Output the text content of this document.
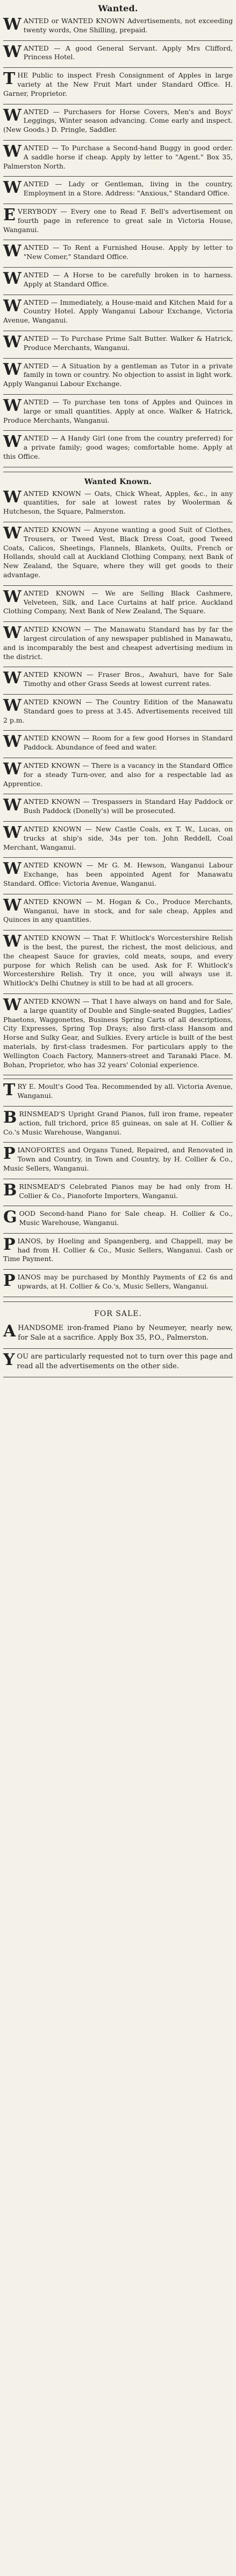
Wanted.
WANTED or WANTED KNOWN Advertisements, not exceeding twenty words, One Shilling, prepaid.
WANTED — A good General Servant. Apply Mrs Clifford, Princess Hotel.
THE Public to inspect Fresh Consignment of Apples in large variety at the New Fruit Mart under Standard Office. H. Garner, Proprietor.
WANTED — Purchasers for Horse Covers, Men's and Boys' Leggings, Winter season advancing. Come early and inspect. (New Goods.) D. Pringle, Saddler.
WANTED — To Purchase a Second-hand Buggy in good order. A saddle horse if cheap. Apply by letter to "Agent." Box 35, Palmerston North.
WANTED — Lady or Gentleman, living in the country, Employment in a Store. Address: "Anxious," Standard Office.
EVERYBODY — Every one to Read F. Bell's advertisement on fourth page in reference to great sale in Victoria House, Wanganui.
WANTED — To Rent a Furnished House. Apply by letter to "New Comer," Standard Office.
WANTED — A Horse to be carefully broken in to harness. Apply at Standard Office.
WANTED — Immediately, a House-maid and Kitchen Maid for a Country Hotel. Apply Wanganui Labour Exchange, Victoria Avenue, Wanganui.
WANTED — To Purchase Prime Salt Butter. Walker & Hatrick, Produce Merchants, Wanganui.
WANTED — A Situation by a gentleman as Tutor in a private family in town or country. No objection to assist in light work. Apply Wanganui Labour Exchange.
WANTED — To purchase ten tons of Apples and Quinces in large or small quantities. Apply at once. Walker & Hatrick, Produce Merchants, Wanganui.
WANTED — A Handy Girl (one from the country preferred) for a private family; good wages; comfortable home. Apply at this Office.
Wanted Known.
WANTED KNOWN — Oats, Chick Wheat, Apples, &c., in any quantities, for sale at lowest rates by Woolerman & Hutcheson, the Square, Palmerston.
WANTED KNOWN — Anyone wanting a good Suit of Clothes, Trousers, or Tweed Vest, Black Dress Coat, good Tweed Coats, Calicos, Sheetings, Flannels, Blankets, Quilts, French or Hollands, should call at Auckland Clothing Company, next Bank of New Zealand, the Square, where they will get goods to their advantage.
WANTED KNOWN — We are Selling Black Cashmere, Velveteen, Silk, and Lace Curtains at half price. Auckland Clothing Company, Next Bank of New Zealand, The Square.
WANTED KNOWN — The Manawatu Standard has by far the largest circulation of any newspaper published in Manawatu, and is incomparably the best and cheapest advertising medium in the district.
WANTED KNOWN — Fraser Bros., Awahuri, have for Sale Timothy and other Grass Seeds at lowest current rates.
WANTED KNOWN — The Country Edition of the Manawatu Standard goes to press at 3.45. Advertisements received till 2 p.m.
WANTED KNOWN — Room for a few good Horses in Standard Paddock. Abundance of feed and water.
WANTED KNOWN — There is a vacancy in the Standard Office for a steady Turn-over, and also for a respectable lad as Apprentice.
WANTED KNOWN — Trespassers in Standard Hay Paddock or Bush Paddock (Donelly's) will be prosecuted.
WANTED KNOWN — New Castle Coals, ex T. W., Lucas, on trucks at ship's side, 34s per ton. John Reddell, Coal Merchant, Wanganui.
WANTED KNOWN — Mr G. M. Hewson, Wanganui Labour Exchange, has been appointed Agent for Manawatu Standard. Office: Victoria Avenue, Wanganui.
WANTED KNOWN — M. Hogan & Co., Produce Merchants, Wanganui, have in stock, and for sale cheap, Apples and Quinces in any quantities.
WANTED KNOWN — That F. Whitlock's Worcestershire Relish is the best, the purest, the richest, the most delicious, and the cheapest Sauce for gravies, cold meats, soups, and every purpose for which Relish can be used. Ask for F. Whitlock's Worcestershire Relish. Try it once, you will always use it. Whitlock's Delhi Chutney is still to be had at all grocers.
WANTED KNOWN — That I have always on hand and for Sale, a large quantity of Double and Single-seated Buggies, Ladies' Phaetons, Waggonettes, Business Spring Carts of all descriptions, City Expresses, Spring Top Drays; also first-class Hansom and Horse and Sulky Gear, and Sulkies. Every article is built of the best materials, by first-class tradesmen. For particulars apply to the Wellington Coach Factory, Manners-street and Taranaki Place. M. Bohan, Proprietor, who has 32 years' Colonial experience.
TRY E. Moult's Good Tea. Recommended by all. Victoria Avenue, Wanganui.
BRINSMEAD'S Upright Grand Pianos, full iron frame, repeater action, full trichord, price 85 guineas, on sale at H. Collier & Co.'s Music Warehouse, Wanganui.
PIANOFORTES and Organs Tuned, Repaired, and Renovated in Town and Country, in Town and Country, by H. Collier & Co., Music Sellers, Wanganui.
BRINSMEAD'S Celebrated Pianos may be had only from H. Collier & Co., Pianoforte Importers, Wanganui.
GOOD Second-hand Piano for Sale cheap. H. Collier & Co., Music Warehouse, Wanganui.
PIANOS, by Hoeling and Spangenberg, and Chappell, may be had from H. Collier & Co., Music Sellers, Wanganui. Cash or Time Payment.
PIANOS may be purchased by Monthly Payments of £2 6s and upwards, at H. Collier & Co.'s, Music Sellers, Wanganui.
FOR SALE.
AHANDSOME iron-framed Piano by Neumeyer, nearly new, for Sale at a sacrifice. Apply Box 35, P.O., Palmerston.
YOU are particularly requested not to turn over this page and read all the advertisements on the other side.
